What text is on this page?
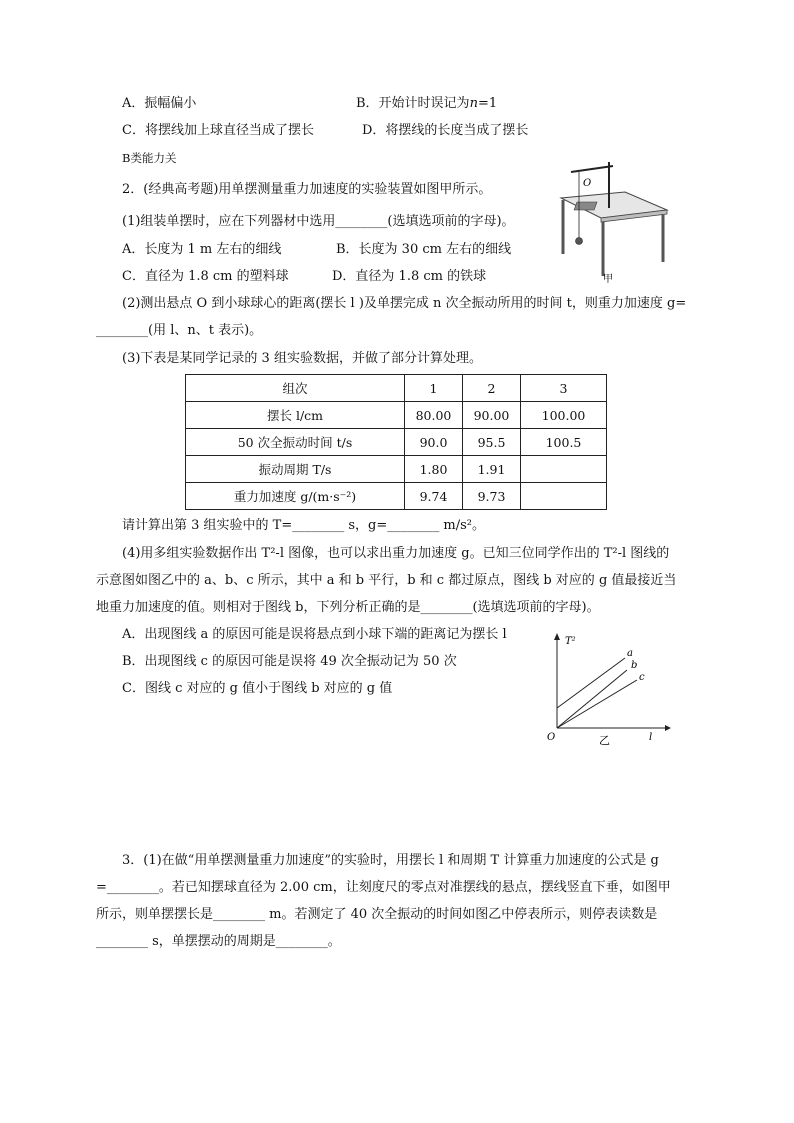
A．振幅偏小	B．开始计时误记为n=1
C．将摆线加上球直径当成了摆长	D．将摆线的长度当成了摆长
B类能力关
2．(经典高考题)用单摆测量重力加速度的实验装置如图甲所示。
(1)组装单摆时，应在下列器材中选用________(选填选项前的字母)。
A．长度为 1 m 左右的细线	B．长度为 30 cm 左右的细线
C．直径为 1.8 cm 的塑料球	D．直径为 1.8 cm 的铁球
(2)测出悬点 O 到小球球心的距离(摆长 l )及单摆完成 n 次全振动所用的时间 t，则重力加速度 g=
________(用 l、n、t 表示)。
(3)下表是某同学记录的 3 组实验数据，并做了部分计算处理。
组次	1	2	3
摆长 l/cm	80.00	90.00	100.00
50 次全振动时间 t/s	90.0	95.5	100.5
振动周期 T/s	1.80	1.91	
重力加速度 g/(m·s⁻²)	9.74	9.73	
请计算出第 3 组实验中的 T=________ s，g=________ m/s²。
(4)用多组实验数据作出 T²-l 图像，也可以求出重力加速度 g。已知三位同学作出的 T²-l 图线的
示意图如图乙中的 a、b、c 所示，其中 a 和 b 平行，b 和 c 都过原点，图线 b 对应的 g 值最接近当
地重力加速度的值。则相对于图线 b，下列分析正确的是________(选填选项前的字母)。
A．出现图线 a 的原因可能是误将悬点到小球下端的距离记为摆长 l
B．出现图线 c 的原因可能是误将 49 次全振动记为 50 次
C．图线 c 对应的 g 值小于图线 b 对应的 g 值
O
甲
a
b
c
T²
l
O	乙
3．(1)在做“用单摆测量重力加速度”的实验时，用摆长 l 和周期 T 计算重力加速度的公式是 g
=________。若已知摆球直径为 2.00 cm，让刻度尺的零点对准摆线的悬点，摆线竖直下垂，如图甲
所示，则单摆摆长是________ m。若测定了 40 次全振动的时间如图乙中停表所示，则停表读数是
________ s，单摆摆动的周期是________。
